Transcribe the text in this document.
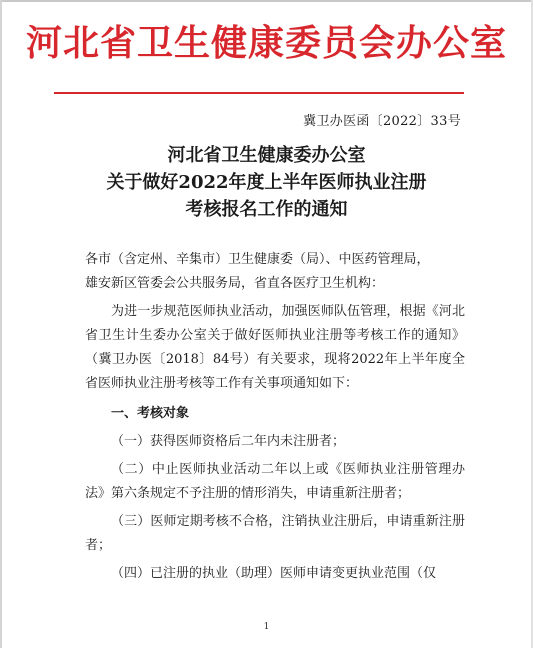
河北省卫生健康委员会办公室
冀卫办医函〔2022〕33号
河北省卫生健康委办公室
关于做好2022年度上半年医师执业注册
考核报名工作的通知

各市（含定州、辛集市）卫生健康委（局）、中医药管理局，

雄安新区管委会公共服务局，省直各医疗卫生机构：

为进一步规范医师执业活动，加强医师队伍管理，根据《河北省卫生计生委办公室关于做好医师执业注册等考核工作的通知》（冀卫办医〔2018〕84号）有关要求，现将2022年上半年度全省医师执业注册考核等工作有关事项通知如下：

一、考核对象

（一）获得医师资格后二年内未注册者；

（二）中止医师执业活动二年以上或《医师执业注册管理办法》第六条规定不予注册的情形消失，申请重新注册者；

（三）医师定期考核不合格，注销执业注册后，申请重新注册者；

（四）已注册的执业（助理）医师申请变更执业范围（仅

1
